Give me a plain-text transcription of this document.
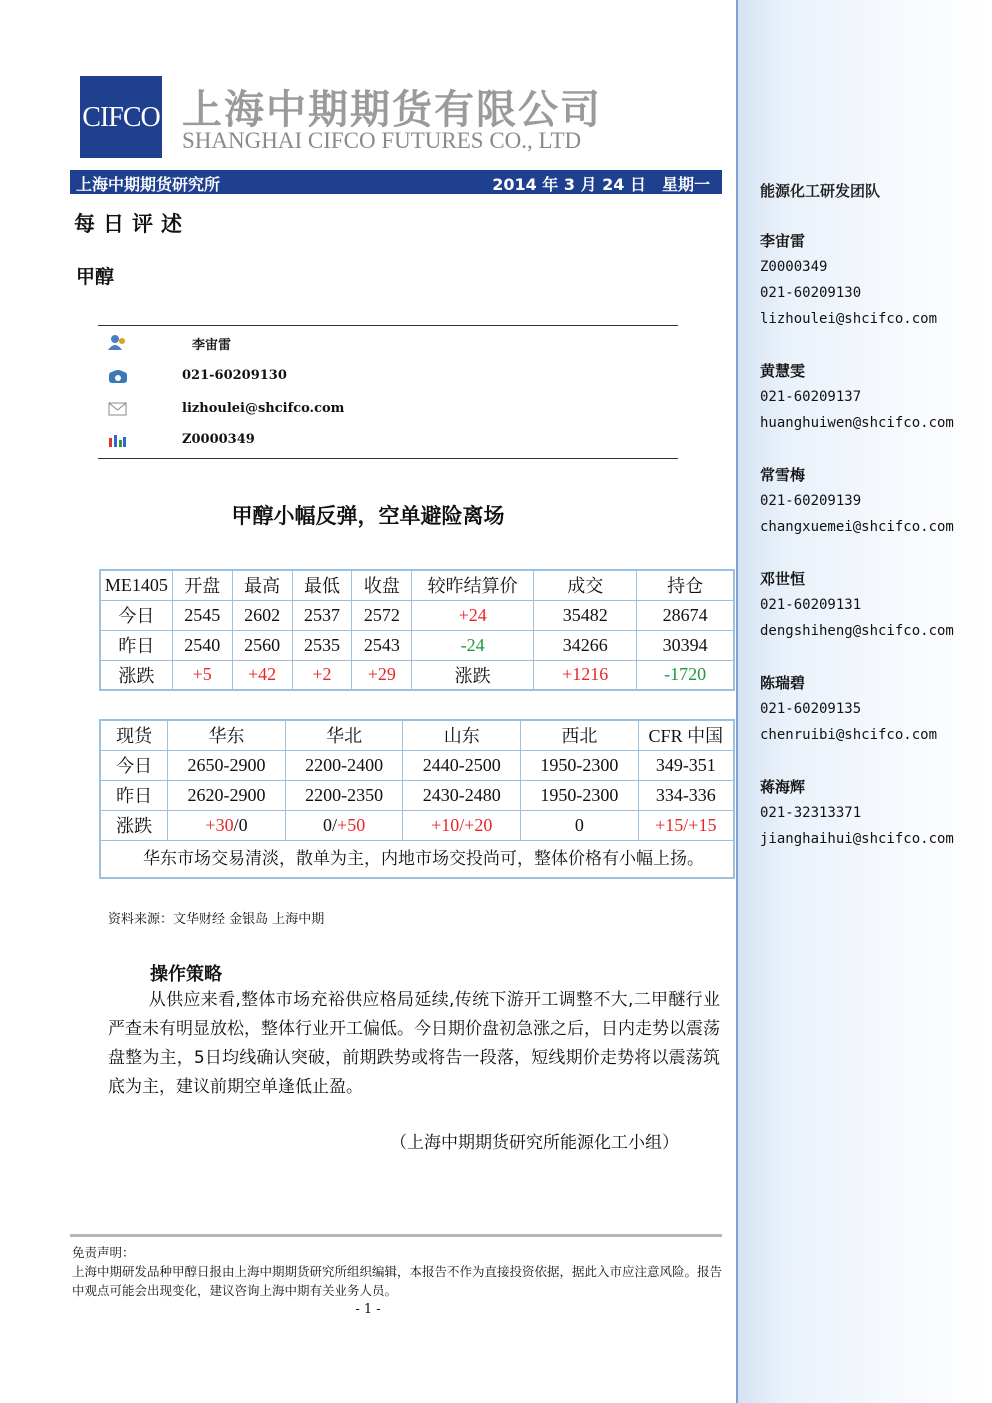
CIFCO 上海中期期货有限公司
SHANGHAI CIFCO FUTURES CO., LTD
上海中期期货研究所	2014 年 3 月 24 日　星期一
每日评述
甲醇
李宙雷
021-60209130
lizhoulei@shcifco.com
Z0000349
甲醇小幅反弹，空单避险离场
ME1405	开盘	最高	最低	收盘	较昨结算价	成交	持仓
今日	2545	2602	2537	2572	+24	35482	28674
昨日	2540	2560	2535	2543	-24	34266	30394
涨跌	+5	+42	+2	+29	涨跌	+1216	-1720
现货	华东	华北	山东	西北	CFR 中国
今日	2650-2900	2200-2400	2440-2500	1950-2300	349-351
昨日	2620-2900	2200-2350	2430-2480	1950-2300	334-336
涨跌	+30/0	0/+50	+10/+20	0	+15/+15
华东市场交易清淡，散单为主，内地市场交投尚可，整体价格有小幅上扬。					
资料来源：文华财经 金银岛 上海中期
操作策略
从供应来看,整体市场充裕供应格局延续,传统下游开工调整不大,二甲醚行业严查未有明显放松，整体行业开工偏低。今日期价盘初急涨之后，日内走势以震荡盘整为主，5日均线确认突破，前期跌势或将告一段落，短线期价走势将以震荡筑底为主，建议前期空单逢低止盈。
（上海中期期货研究所能源化工小组）
免责声明：
上海中期研发品种甲醇日报由上海中期期货研究所组织编辑，本报告不作为直接投资依据，据此入市应注意风险。报告中观点可能会出现变化，建议咨询上海中期有关业务人员。
- 1 -
能源化工研发团队
李宙雷
Z0000349
021-60209130
lizhoulei@shcifco.com
黄慧雯
021-60209137
huanghuiwen@shcifco.com
常雪梅
021-60209139
changxuemei@shcifco.com
邓世恒
021-60209131
dengshiheng@shcifco.com
陈瑞碧
021-60209135
chenruibi@shcifco.com
蒋海辉
021-32313371
jianghaihui@shcifco.com
